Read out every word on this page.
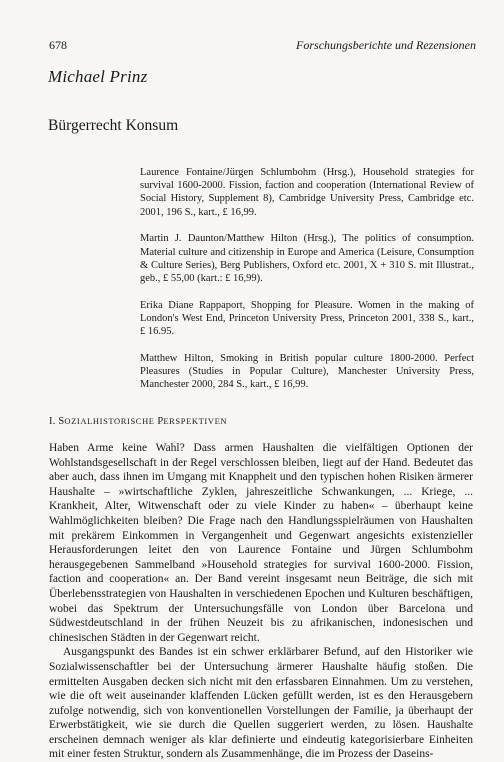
678	Forschungsberichte und Rezensionen
Michael Prinz
Bürgerrecht Konsum

Laurence Fontaine/Jürgen Schlumbohm (Hrsg.), Household strategies for survival 1600-2000. Fission, faction and cooperation (International Review of Social History, Supplement 8), Cambridge University Press, Cambridge etc. 2001, 196 S., kart., £ 16,99.

Martin J. Daunton/Matthew Hilton (Hrsg.), The politics of consumption. Material culture and citizenship in Europe and America (Leisure, Consumption & Culture Series), Berg Publishers, Oxford etc. 2001, X + 310 S. mit Illustrat., geb., £ 55,00 (kart.: £ 16,99).

Erika Diane Rappaport, Shopping for Pleasure. Women in the making of London's West End, Princeton University Press, Princeton 2001, 338 S., kart., £ 16.95.

Matthew Hilton, Smoking in British popular culture 1800-2000. Perfect Pleasures (Studies in Popular Culture), Manchester University Press, Manchester 2000, 284 S., kart., £ 16,99.

I. SOZIALHISTORISCHE PERSPEKTIVEN

Haben Arme keine Wahl? Dass armen Haushalten die vielfältigen Optionen der Wohlstandsgesellschaft in der Regel verschlossen bleiben, liegt auf der Hand. Bedeutet das aber auch, dass ihnen im Umgang mit Knappheit und den typischen hohen Risiken ärmerer Haushalte – »wirtschaftliche Zyklen, jahreszeitliche Schwankungen, ... Kriege, ... Krankheit, Alter, Witwenschaft oder zu viele Kinder zu haben« – überhaupt keine Wahlmöglichkeiten bleiben? Die Frage nach den Handlungsspielräumen von Haushalten mit prekärem Einkommen in Vergangenheit und Gegenwart angesichts existenzieller Herausforderungen leitet den von Laurence Fontaine und Jürgen Schlumbohm herausgegebenen Sammelband »Household strategies for survival 1600-2000. Fission, faction and cooperation« an. Der Band vereint insgesamt neun Beiträge, die sich mit Überlebensstrategien von Haushalten in verschiedenen Epochen und Kulturen beschäftigen, wobei das Spektrum der Untersuchungsfälle von London über Barcelona und Südwestdeutschland in der frühen Neuzeit bis zu afrikanischen, indonesischen und chinesischen Städten in der Gegenwart reicht.

Ausgangspunkt des Bandes ist ein schwer erklärbarer Befund, auf den Historiker wie Sozialwissenschaftler bei der Untersuchung ärmerer Haushalte häufig stoßen. Die ermittelten Ausgaben decken sich nicht mit den erfassbaren Einnahmen. Um zu verstehen, wie die oft weit auseinander klaffenden Lücken gefüllt werden, ist es den Herausgebern zufolge notwendig, sich von konventionellen Vorstellungen der Familie, ja überhaupt der Erwerbstätigkeit, wie sie durch die Quellen suggeriert werden, zu lösen. Haushalte erscheinen demnach weniger als klar definierte und eindeutig kategorisierbare Einheiten mit einer festen Struktur, sondern als Zusammenhänge, die im Prozess der Daseins-
